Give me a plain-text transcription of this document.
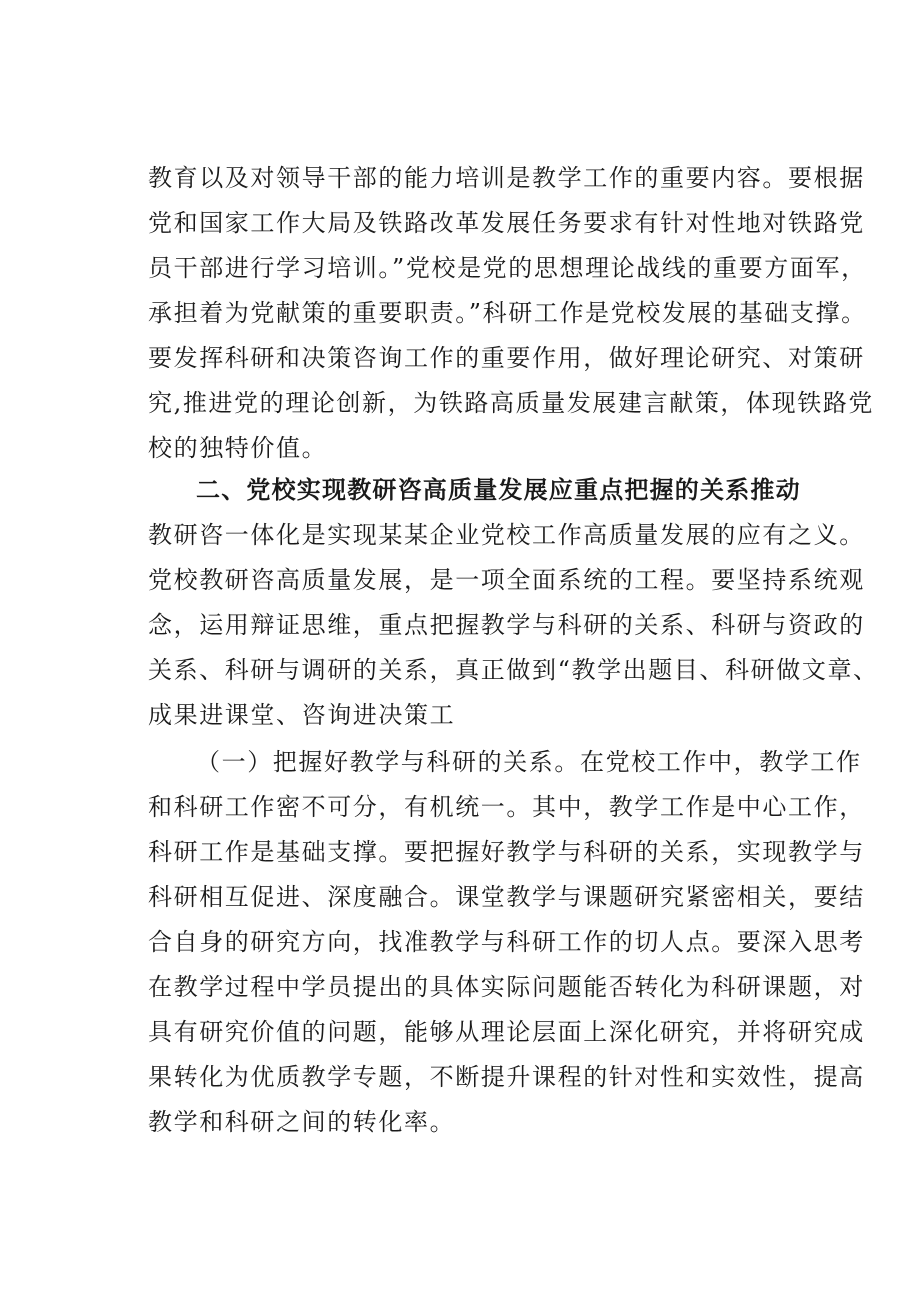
教育以及对领导干部的能力培训是教学工作的重要内容。要根据
党和国家工作大局及铁路改革发展任务要求有针对性地对铁路党
员干部进行学习培训。”党校是党的思想理论战线的重要方面军，
承担着为党献策的重要职责。”科研工作是党校发展的基础支撑。
要发挥科研和决策咨询工作的重要作用，做好理论研究、对策研
究,推进党的理论创新，为铁路高质量发展建言献策，体现铁路党
校的独特价值。
二、党校实现教研咨高质量发展应重点把握的关系推动
教研咨一体化是实现某某企业党校工作高质量发展的应有之义。
党校教研咨高质量发展，是一项全面系统的工程。要坚持系统观
念，运用辩证思维，重点把握教学与科研的关系、科研与资政的
关系、科研与调研的关系，真正做到“教学出题目、科研做文章、
成果进课堂、咨询进决策工
（一）把握好教学与科研的关系。在党校工作中，教学工作
和科研工作密不可分，有机统一。其中，教学工作是中心工作，
科研工作是基础支撑。要把握好教学与科研的关系，实现教学与
科研相互促进、深度融合。课堂教学与课题研究紧密相关，要结
合自身的研究方向，找准教学与科研工作的切人点。要深入思考
在教学过程中学员提出的具体实际问题能否转化为科研课题，对
具有研究价值的问题，能够从理论层面上深化研究，并将研究成
果转化为优质教学专题，不断提升课程的针对性和实效性，提高
教学和科研之间的转化率。
